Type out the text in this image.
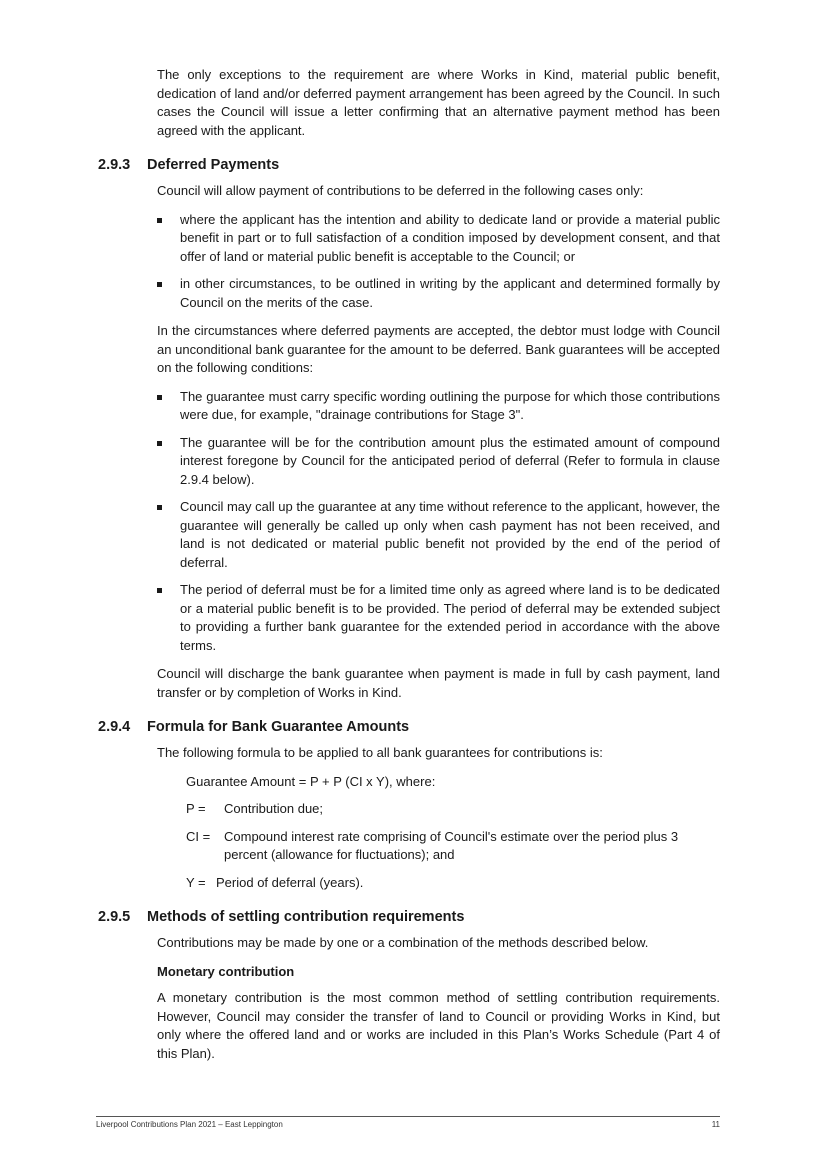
The only exceptions to the requirement are where Works in Kind, material public benefit, dedication of land and/or deferred payment arrangement has been agreed by the Council. In such cases the Council will issue a letter confirming that an alternative payment method has been agreed with the applicant.

2.9.3 Deferred Payments

Council will allow payment of contributions to be deferred in the following cases only:

where the applicant has the intention and ability to dedicate land or provide a material public benefit in part or to full satisfaction of a condition imposed by development consent, and that offer of land or material public benefit is acceptable to the Council; or
in other circumstances, to be outlined in writing by the applicant and determined formally by Council on the merits of the case.

In the circumstances where deferred payments are accepted, the debtor must lodge with Council an unconditional bank guarantee for the amount to be deferred. Bank guarantees will be accepted on the following conditions:

The guarantee must carry specific wording outlining the purpose for which those contributions were due, for example, "drainage contributions for Stage 3".
The guarantee will be for the contribution amount plus the estimated amount of compound interest foregone by Council for the anticipated period of deferral (Refer to formula in clause 2.9.4 below).
Council may call up the guarantee at any time without reference to the applicant, however, the guarantee will generally be called up only when cash payment has not been received, and land is not dedicated or material public benefit not provided by the end of the period of deferral.
The period of deferral must be for a limited time only as agreed where land is to be dedicated or a material public benefit is to be provided. The period of deferral may be extended subject to providing a further bank guarantee for the extended period in accordance with the above terms.

Council will discharge the bank guarantee when payment is made in full by cash payment, land transfer or by completion of Works in Kind.

2.9.4 Formula for Bank Guarantee Amounts

The following formula to be applied to all bank guarantees for contributions is:

Guarantee Amount = P + P (CI x Y), where:
P =	Contribution due;
CI =	Compound interest rate comprising of Council's estimate over the period plus 3 percent (allowance for fluctuations); and
Y = Period of deferral (years).
2.9.5 Methods of settling contribution requirements

Contributions may be made by one or a combination of the methods described below.

Monetary contribution

A monetary contribution is the most common method of settling contribution requirements. However, Council may consider the transfer of land to Council or providing Works in Kind, but only where the offered land and or works are included in this Plan’s Works Schedule (Part 4 of this Plan).

Liverpool Contributions Plan 2021 – East Leppington	11
